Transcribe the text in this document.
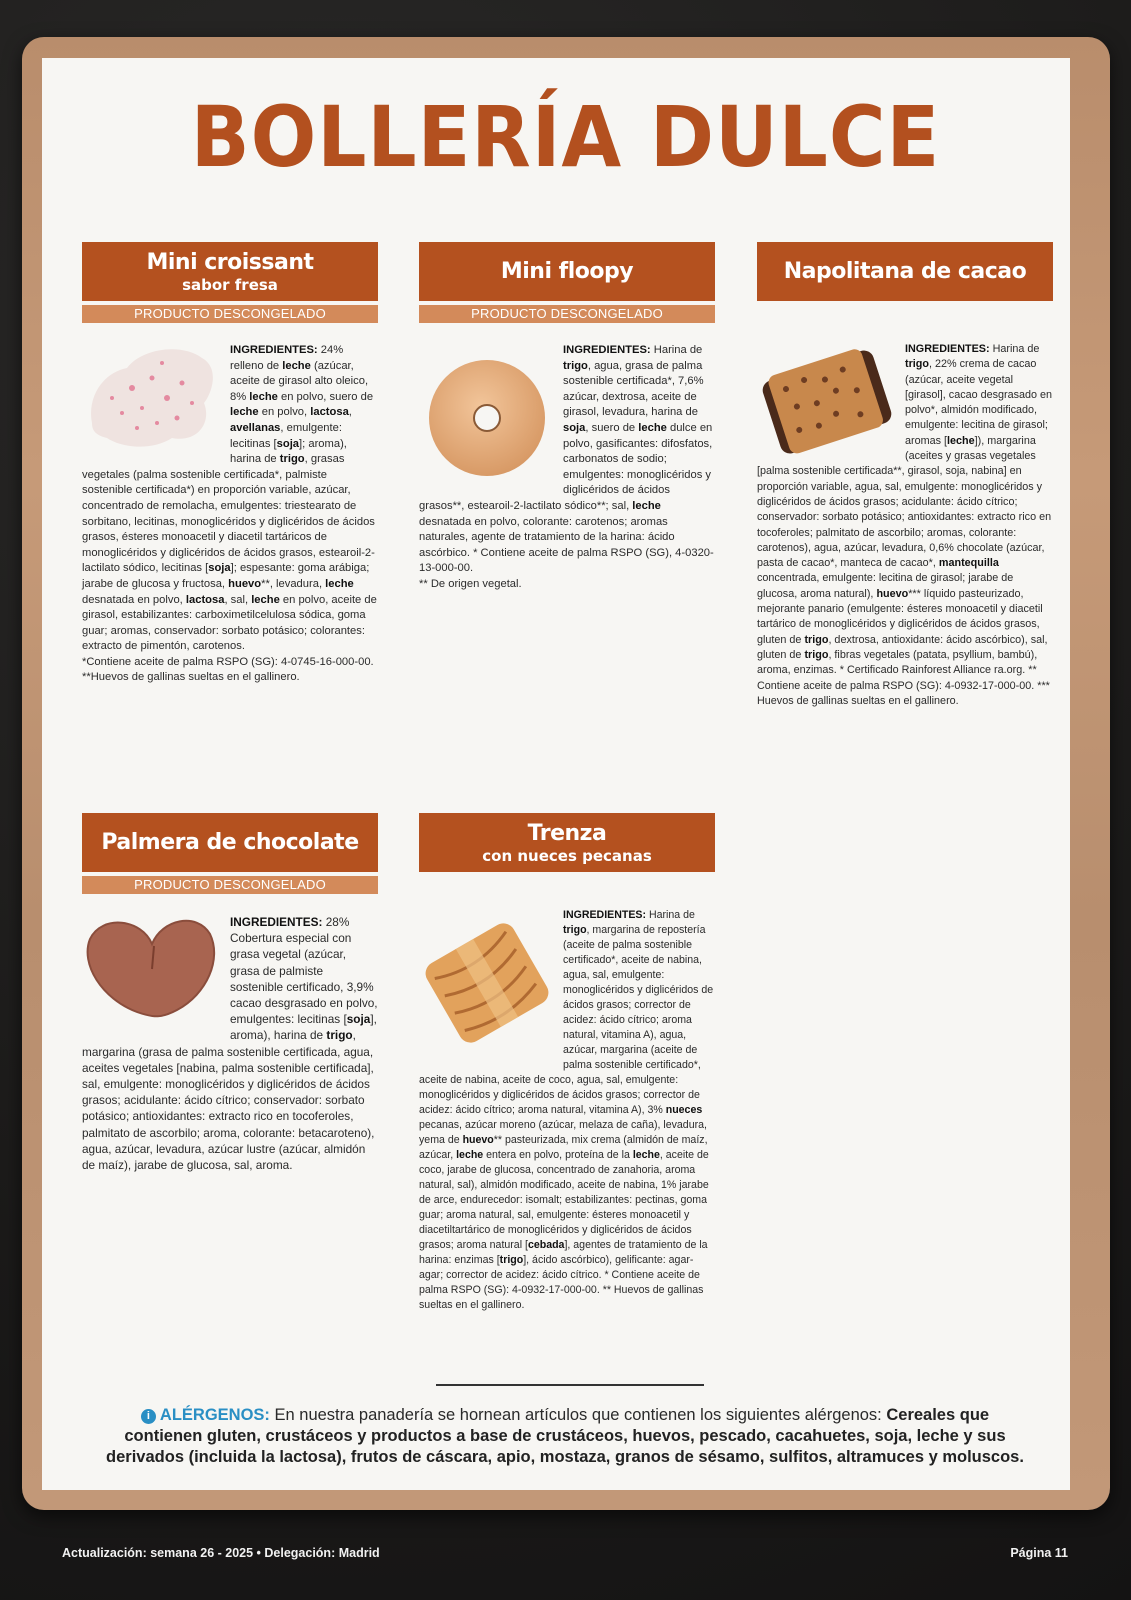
BOLLERÍA DULCE
Mini croissant
sabor fresa
PRODUCTO DESCONGELADO

INGREDIENTES: 24% relleno de leche (azúcar, aceite de girasol alto oleico, 8% leche en polvo, suero de leche en polvo, lactosa, avellanas, emulgente: lecitinas [soja]; aroma), harina de trigo, grasas vegetales (palma sostenible certificada*, palmiste sostenible certificada*) en proporción variable, azúcar, concentrado de remolacha, emulgentes: triestearato de sorbitano, lecitinas, monoglicéridos y diglicéridos de ácidos grasos, ésteres monoacetil y diacetil tartáricos de monoglicéridos y diglicéridos de ácidos grasos, estearoil-2-lactilato sódico, lecitinas [soja]; espesante: goma arábiga; jarabe de glucosa y fructosa, huevo**, levadura, leche desnatada en polvo, lactosa, sal, leche en polvo, aceite de girasol, estabilizantes: carboximetilcelulosa sódica, goma guar; aromas, conservador: sorbato potásico; colorantes: extracto de pimentón, carotenos.
*Contiene aceite de palma RSPO (SG): 4-0745-16-000-00.
**Huevos de gallinas sueltas en el gallinero.

Mini floopy
PRODUCTO DESCONGELADO

INGREDIENTES: Harina de trigo, agua, grasa de palma sostenible certificada*, 7,6% azúcar, dextrosa, aceite de girasol, levadura, harina de soja, suero de leche dulce en polvo, gasificantes: difosfatos, carbonatos de sodio; emulgentes: monoglicéridos y diglicéridos de ácidos grasos**, estearoil-2-lactilato sódico**; sal, leche desnatada en polvo, colorante: carotenos; aromas naturales, agente de tratamiento de la harina: ácido ascórbico. * Contiene aceite de palma RSPO (SG), 4-0320-13-000-00.
** De origen vegetal.

Napolitana de cacao

INGREDIENTES: Harina de trigo, 22% crema de cacao (azúcar, aceite vegetal [girasol], cacao desgrasado en polvo*, almidón modificado, emulgente: lecitina de girasol; aromas [leche]), margarina (aceites y grasas vegetales [palma sostenible certificada**, girasol, soja, nabina] en proporción variable, agua, sal, emulgente: monoglicéridos y diglicéridos de ácidos grasos; acidulante: ácido cítrico; conservador: sorbato potásico; antioxidantes: extracto rico en tocoferoles; palmitato de ascorbilo; aromas, colorante: carotenos), agua, azúcar, levadura, 0,6% chocolate (azúcar, pasta de cacao*, manteca de cacao*, mantequilla concentrada, emulgente: lecitina de girasol; jarabe de glucosa, aroma natural), huevo*** líquido pasteurizado, mejorante panario (emulgente: ésteres monoacetil y diacetil tartárico de monoglicéridos y diglicéridos de ácidos grasos, gluten de trigo, dextrosa, antioxidante: ácido ascórbico), sal, gluten de trigo, fibras vegetales (patata, psyllium, bambú), aroma, enzimas. * Certificado Rainforest Alliance ra.org. ** Contiene aceite de palma RSPO (SG): 4-0932-17-000-00. *** Huevos de gallinas sueltas en el gallinero.

Palmera de chocolate
PRODUCTO DESCONGELADO

INGREDIENTES: 28% Cobertura especial con grasa vegetal (azúcar, grasa de palmiste sostenible certificado, 3,9% cacao desgrasado en polvo, emulgentes: lecitinas [soja], aroma), harina de trigo, margarina (grasa de palma sostenible certificada, agua, aceites vegetales [nabina, palma sostenible certificada], sal, emulgente: monoglicéridos y diglicéridos de ácidos grasos; acidulante: ácido cítrico; conservador: sorbato potásico; antioxidantes: extracto rico en tocoferoles, palmitato de ascorbilo; aroma, colorante: betacaroteno), agua, azúcar, levadura, azúcar lustre (azúcar, almidón de maíz), jarabe de glucosa, sal, aroma.

Trenza
con nueces pecanas

INGREDIENTES: Harina de trigo, margarina de repostería (aceite de palma sostenible certificado*, aceite de nabina, agua, sal, emulgente: monoglicéridos y diglicéridos de ácidos grasos; corrector de acidez: ácido cítrico; aroma natural, vitamina A), agua, azúcar, margarina (aceite de palma sostenible certificado*, aceite de nabina, aceite de coco, agua, sal, emulgente: monoglicéridos y diglicéridos de ácidos grasos; corrector de acidez: ácido cítrico; aroma natural, vitamina A), 3% nueces pecanas, azúcar moreno (azúcar, melaza de caña), levadura, yema de huevo** pasteurizada, mix crema (almidón de maíz, azúcar, leche entera en polvo, proteína de la leche, aceite de coco, jarabe de glucosa, concentrado de zanahoria, aroma natural, sal), almidón modificado, aceite de nabina, 1% jarabe de arce, endurecedor: isomalt; estabilizantes: pectinas, goma guar; aroma natural, sal, emulgente: ésteres monoacetil y diacetiltartárico de monoglicéridos y diglicéridos de ácidos grasos; aroma natural [cebada], agentes de tratamiento de la harina: enzimas [trigo], ácido ascórbico), gelificante: agar-agar; corrector de acidez: ácido cítrico. * Contiene aceite de palma RSPO (SG): 4-0932-17-000-00. ** Huevos de gallinas sueltas en el gallinero.

i ALÉRGENOS: En nuestra panadería se hornean artículos que contienen los siguientes alérgenos: Cereales que contienen gluten, crustáceos y productos a base de crustáceos, huevos, pescado, cacahuetes, soja, leche y sus derivados (incluida la lactosa), frutos de cáscara, apio, mostaza, granos de sésamo, sulfitos, altramuces y moluscos.
Actualización: semana 26 - 2025 • Delegación: Madrid	Página 11
